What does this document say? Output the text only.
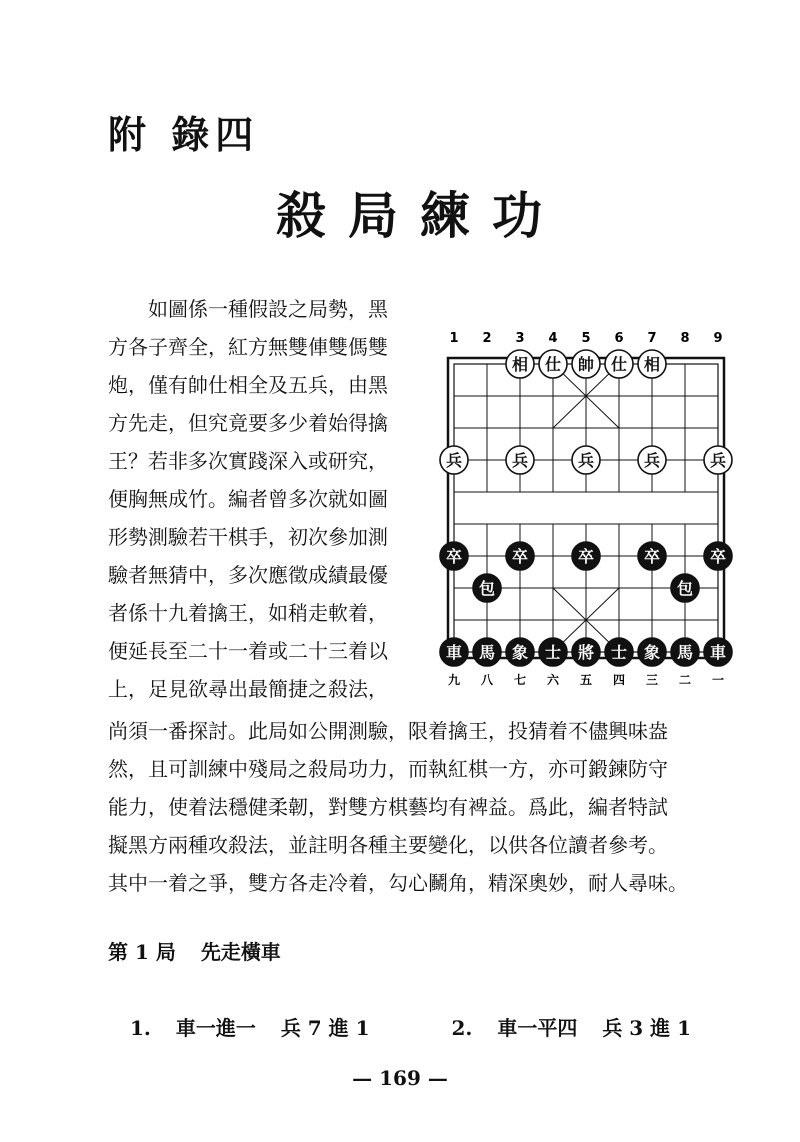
附 錄四
殺局練功
如圖係一種假設之局勢，黑
方各子齊全，紅方無雙俥雙傌雙
炮，僅有帥仕相全及五兵，由黑
方先走，但究竟要多少着始得擒
王？若非多次實踐深入或研究，
便胸無成竹。編者曾多次就如圖
形勢測驗若干棋手，初次參加測
驗者無猜中，多次應徵成績最優
者係十九着擒王，如稍走軟着，
便延長至二十一着或二十三着以
上，足見欲尋出最簡捷之殺法，
1 2 3 4 5 6 7 8 9
九 八 七 六 五 四 三 二 一
相 仕 帥 仕 相
兵	兵	兵	兵	兵
卒	卒	卒	卒	卒
包	包
車 馬 象 士 將 士 象 馬 車
尚須一番探討。此局如公開測驗，限着擒王，投猜着不儘興味盎
然，且可訓練中殘局之殺局功力，而執紅棋一方，亦可鍛鍊防守
能力，使着法穩健柔韌，對雙方棋藝均有裨益。爲此，編者特試
擬黑方兩種攻殺法，並註明各種主要變化，以供各位讀者參考。
其中一着之爭，雙方各走冷着，勾心鬭角，精深奧妙，耐人尋味。
第 1 局 先走橫車
1. 車一進一 兵 7 進 1	2. 車一平四 兵 3 進 1
— 169 —
